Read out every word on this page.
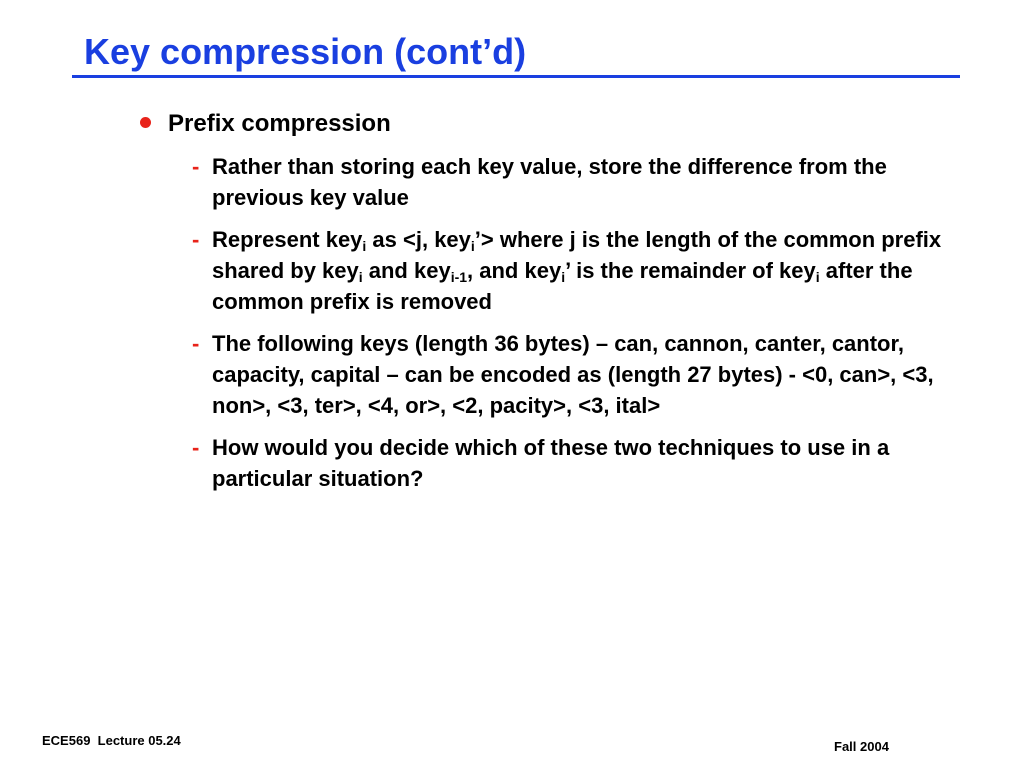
Key compression (cont’d)
Prefix compression
- Rather than storing each key value, store the difference from the previous key value
- Represent key$_i$ as <j, key$_i$’> where j is the length of the common prefix shared by key$_i$ and key$_{i-1}$, and key$_i$’ is the remainder of key$_i$ after the common prefix is removed
- The following keys (length 36 bytes) – can, cannon, canter, cantor, capacity, capital – can be encoded as (length 27 bytes) - <0, can>, <3, non>, <3, ter>, <4, or>, <2, pacity>, <3, ital>
- How would you decide which of these two techniques to use in a particular situation?
ECE569  Lecture 05.24	Fall 2004
